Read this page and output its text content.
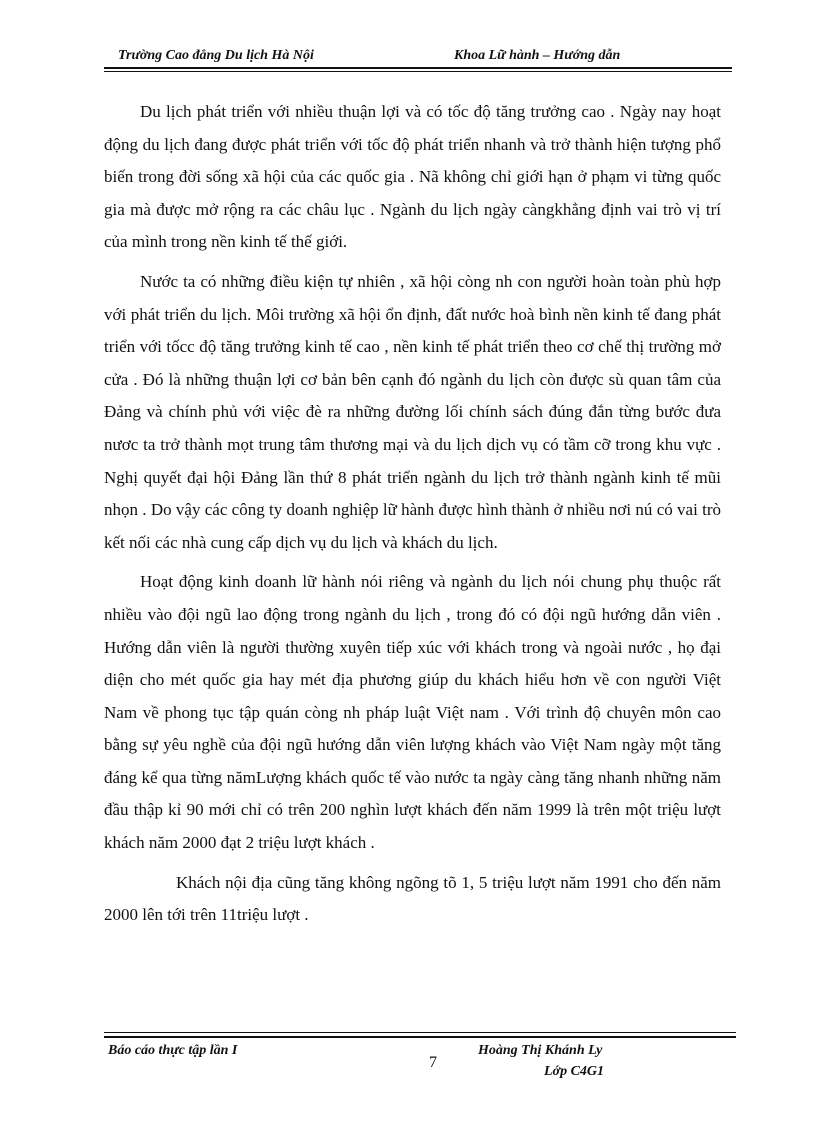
Trường Cao đẳng Du lịch Hà Nội	Khoa Lữ hành – Hướng dẫn

Du lịch phát triển với nhiều thuận lợi và có tốc độ tăng trưởng cao . Ngày nay hoạt động du lịch đang được phát triển với tốc độ phát triển nhanh và trở thành hiện tượng phổ biến trong đời sống xã hội của các quốc gia . Nã không chỉ giới hạn ở phạm vi từng quốc gia mà được mở rộng ra các châu lục . Ngành du lịch ngày càngkhẳng định vai trò vị trí của mình trong nền kinh tế thế giới.

Nước ta có những điều kiện tự nhiên , xã hội còng nh con người hoàn toàn phù hợp với phát triển du lịch. Môi trường xã hội ổn định, đất nước hoà bình nền kinh tế đang phát triển với tốcc độ tăng trưởng kinh tế cao , nền kinh tế phát triển theo cơ chế thị trường mở cửa . Đó là những thuận lợi cơ bản bên cạnh đó ngành du lịch còn được sù quan tâm của Đảng và chính phủ với việc đè ra những đường lối chính sách đúng đắn từng bước đưa nươc ta trở thành mọt trung tâm thương mại và du lịch dịch vụ có tầm cỡ trong khu vực . Nghị quyết đại hội Đảng lần thứ 8 phát triển ngành du lịch trở thành ngành kinh tế mũi nhọn . Do vậy các công ty doanh nghiệp lữ hành được hình thành ở nhiều nơi nú có vai trò kết nối các nhà cung cấp dịch vụ du lịch và khách du lịch.

Hoạt động kinh doanh lữ hành nói riêng và ngành du lịch nói chung phụ thuộc rất nhiều vào đội ngũ lao động trong ngành du lịch , trong đó có đội ngũ hướng dẫn viên . Hướng dẫn viên là người thường xuyên tiếp xúc với khách trong và ngoài nước , họ đại diện cho mét quốc gia hay mét địa phương giúp du khách hiểu hơn về con người Việt Nam về phong tục tập quán còng nh pháp luật Việt nam . Với trình độ chuyên môn cao bằng sự yêu nghề của đội ngũ hướng dẫn viên lượng khách vào Việt Nam ngày một tăng đáng kể qua từng nămLượng khách quốc tế vào nước ta ngày càng tăng nhanh những năm đầu thập kỉ 90 mới chỉ có trên 200 nghìn lượt khách đến năm 1999 là trên một triệu lượt khách năm 2000 đạt 2 triệu lượt khách .

Khách nội địa cũng tăng không ngõng tõ 1, 5 triệu lượt năm 1991 cho đến năm 2000 lên tới trên 11triệu lượt .

Báo cáo thực tập lần I
7
Hoàng Thị Khánh Ly
Lớp C4G1
